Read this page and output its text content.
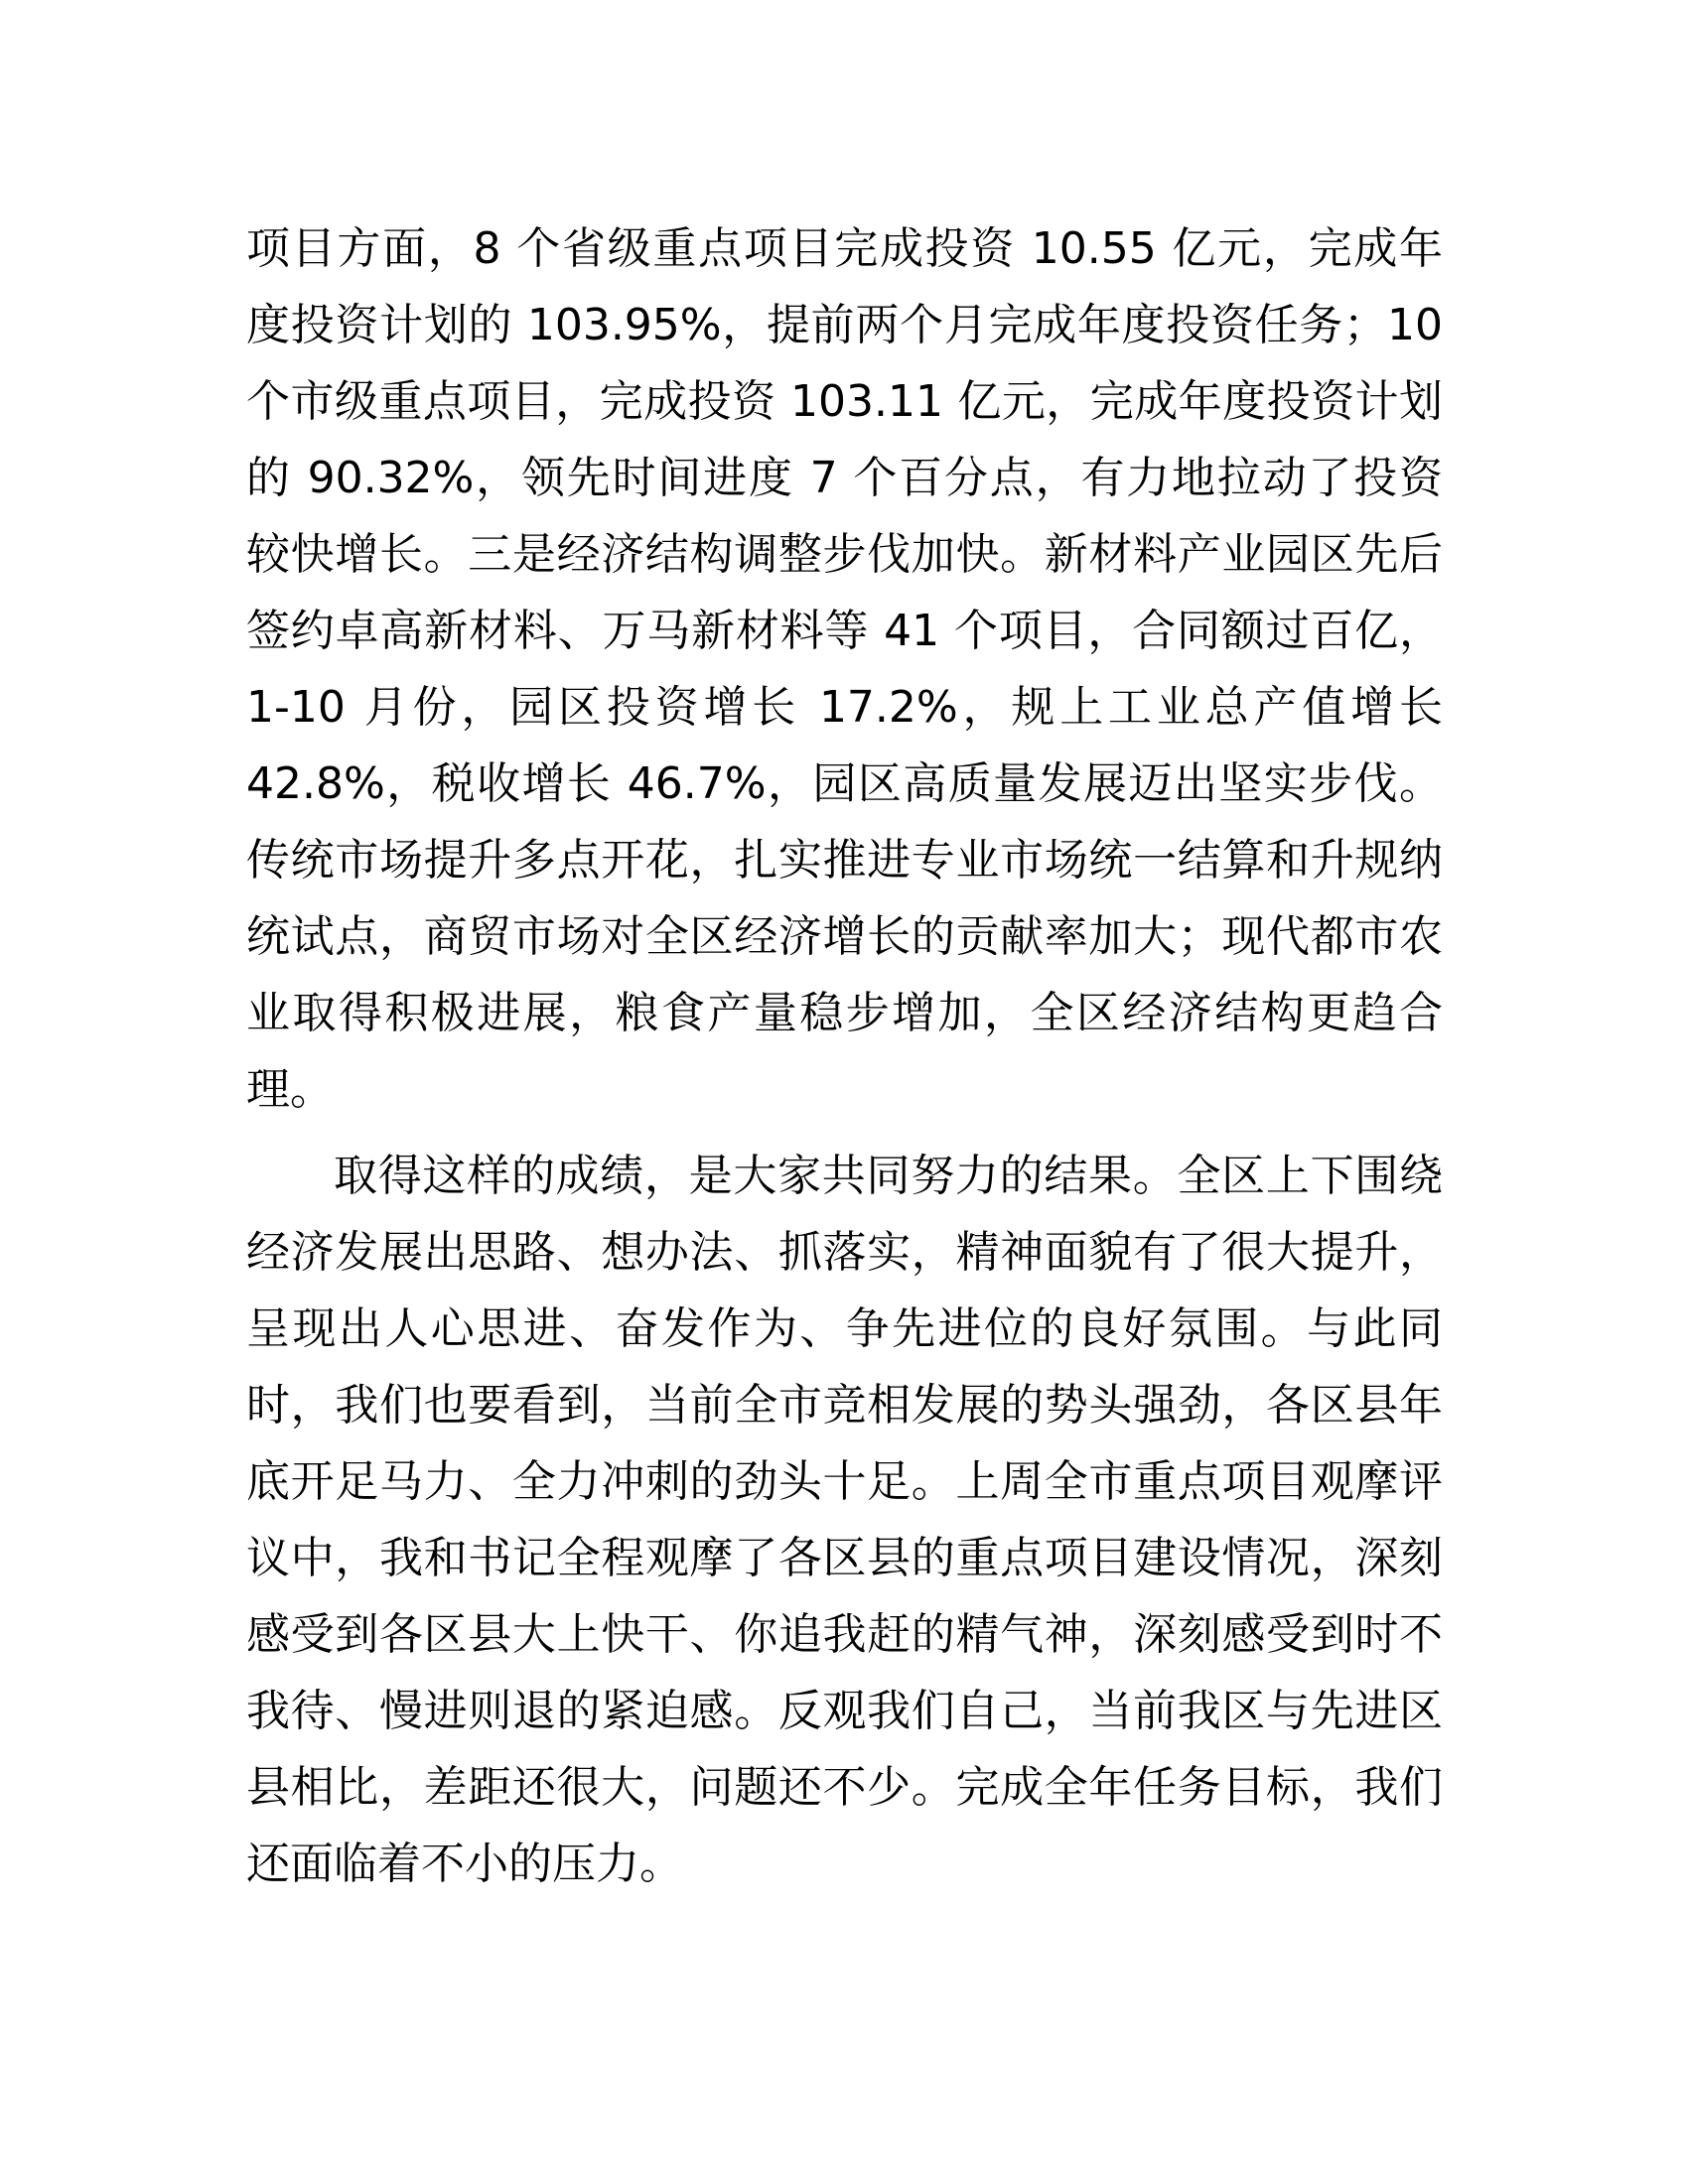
项目方面，8 个省级重点项目完成投资 10.55 亿元，完成年度投资计划的 103.95%，提前两个月完成年度投资任务；10 个市级重点项目，完成投资 103.11 亿元，完成年度投资计划的 90.32%，领先时间进度 7 个百分点，有力地拉动了投资较快增长。三是经济结构调整步伐加快。新材料产业园区先后签约卓高新材料、万马新材料等 41 个项目，合同额过百亿，1-10 月份，园区投资增长 17.2%，规上工业总产值增长 42.8%，税收增长 46.7%，园区高质量发展迈出坚实步伐。传统市场提升多点开花，扎实推进专业市场统一结算和升规纳统试点，商贸市场对全区经济增长的贡献率加大；现代都市农业取得积极进展，粮食产量稳步增加，全区经济结构更趋合理。

取得这样的成绩，是大家共同努力的结果。全区上下围绕经济发展出思路、想办法、抓落实，精神面貌有了很大提升，呈现出人心思进、奋发作为、争先进位的良好氛围。与此同时，我们也要看到，当前全市竞相发展的势头强劲，各区县年底开足马力、全力冲刺的劲头十足。上周全市重点项目观摩评议中，我和书记全程观摩了各区县的重点项目建设情况，深刻感受到各区县大上快干、你追我赶的精气神，深刻感受到时不我待、慢进则退的紧迫感。反观我们自己，当前我区与先进区县相比，差距还很大，问题还不少。完成全年任务目标，我们还面临着不小的压力。
